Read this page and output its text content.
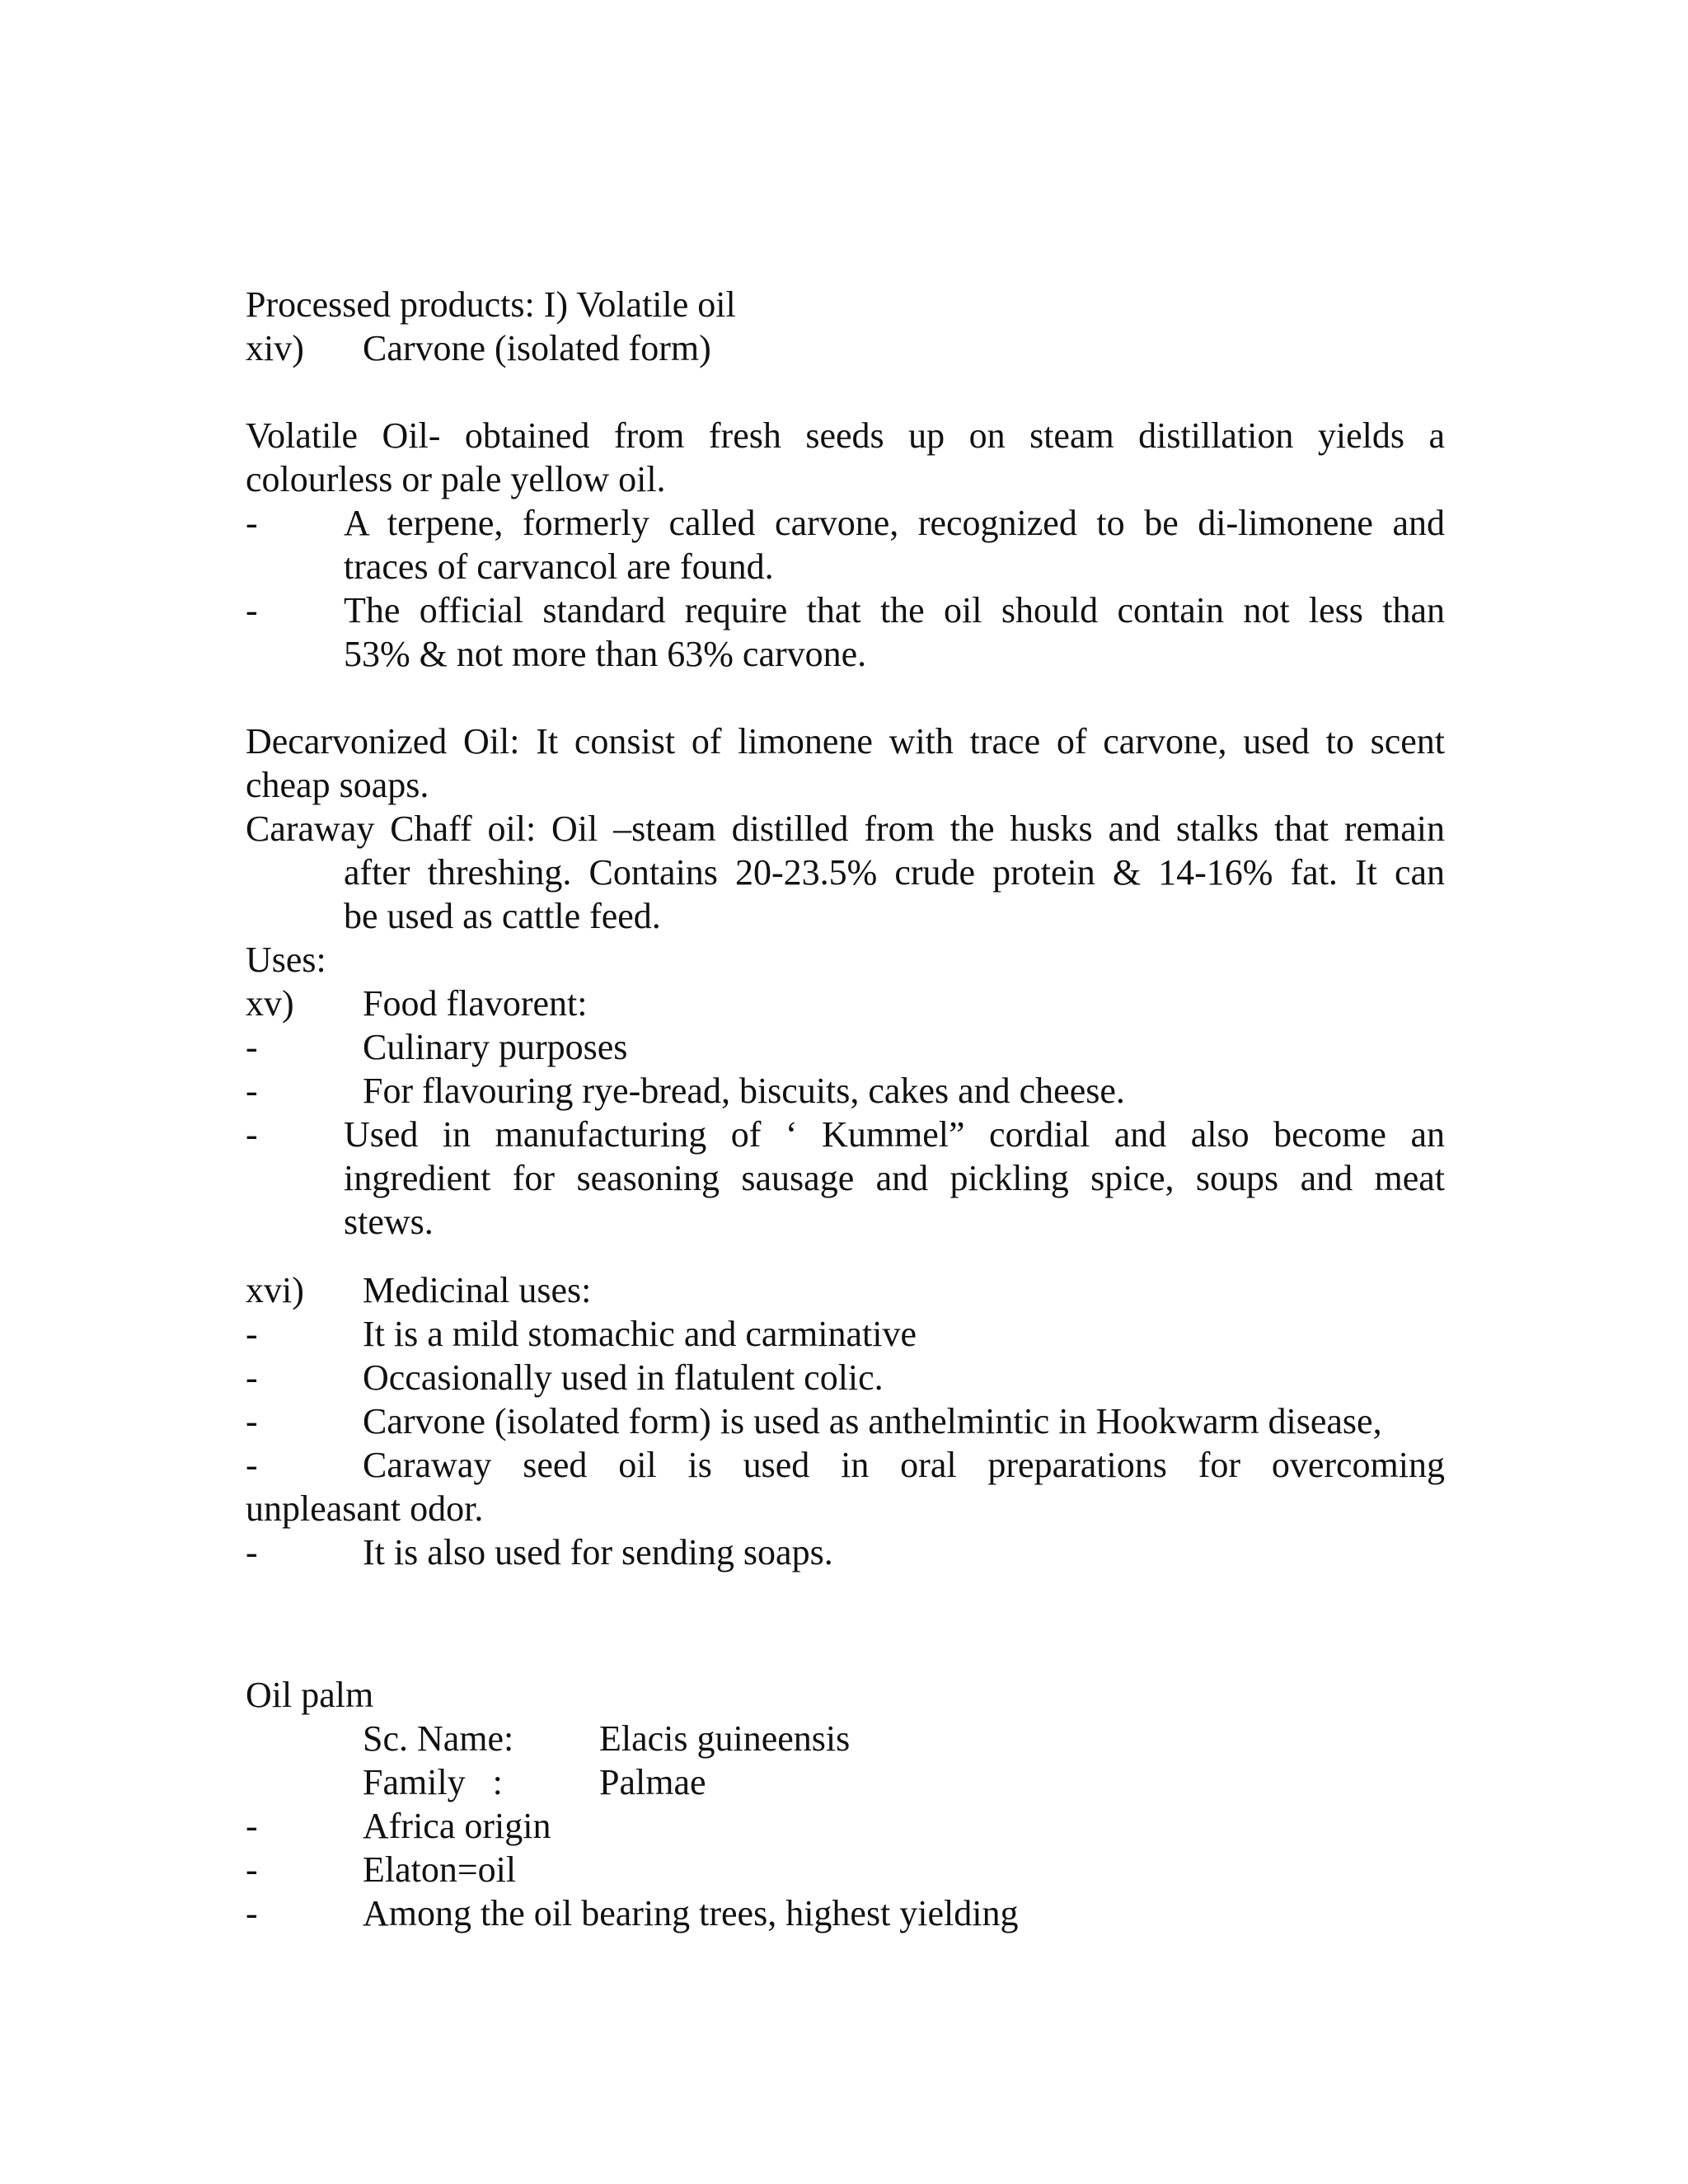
Processed products: I) Volatile oil
xiv) Carvone (isolated form)
Volatile Oil- obtained from fresh seeds up on steam distillation yields a
colourless or pale yellow oil.
- A terpene, formerly called carvone, recognized to be di-limonene and
traces of carvancol are found.
- The official standard require that the oil should contain not less than
53% & not more than 63% carvone.
Decarvonized Oil: It consist of limonene with trace of carvone, used to scent
cheap soaps.
Caraway Chaff oil: Oil –steam distilled from the husks and stalks that remain
after threshing. Contains 20-23.5% crude protein & 14-16% fat. It can
be used as cattle feed.
Uses:
xv) Food flavorent:
-	Culinary purposes
-	For flavouring rye-bread, biscuits, cakes and cheese.
- Used in manufacturing of ‘ Kummel” cordial and also become an
ingredient for seasoning sausage and pickling spice, soups and meat
stews.
xvi) Medicinal uses:
-	It is a mild stomachic and carminative
-	Occasionally used in flatulent colic.
-	Carvone (isolated form) is used as anthelmintic in Hookwarm disease,
-	Caraway seed oil is used in oral preparations for overcoming
unpleasant odor.
-	It is also used for sending soaps.
Oil palm
Sc. Name: Elacis guineensis
Family   :	Palmae
-	Africa origin
-	Elaton=oil
-	Among the oil bearing trees, highest yielding
